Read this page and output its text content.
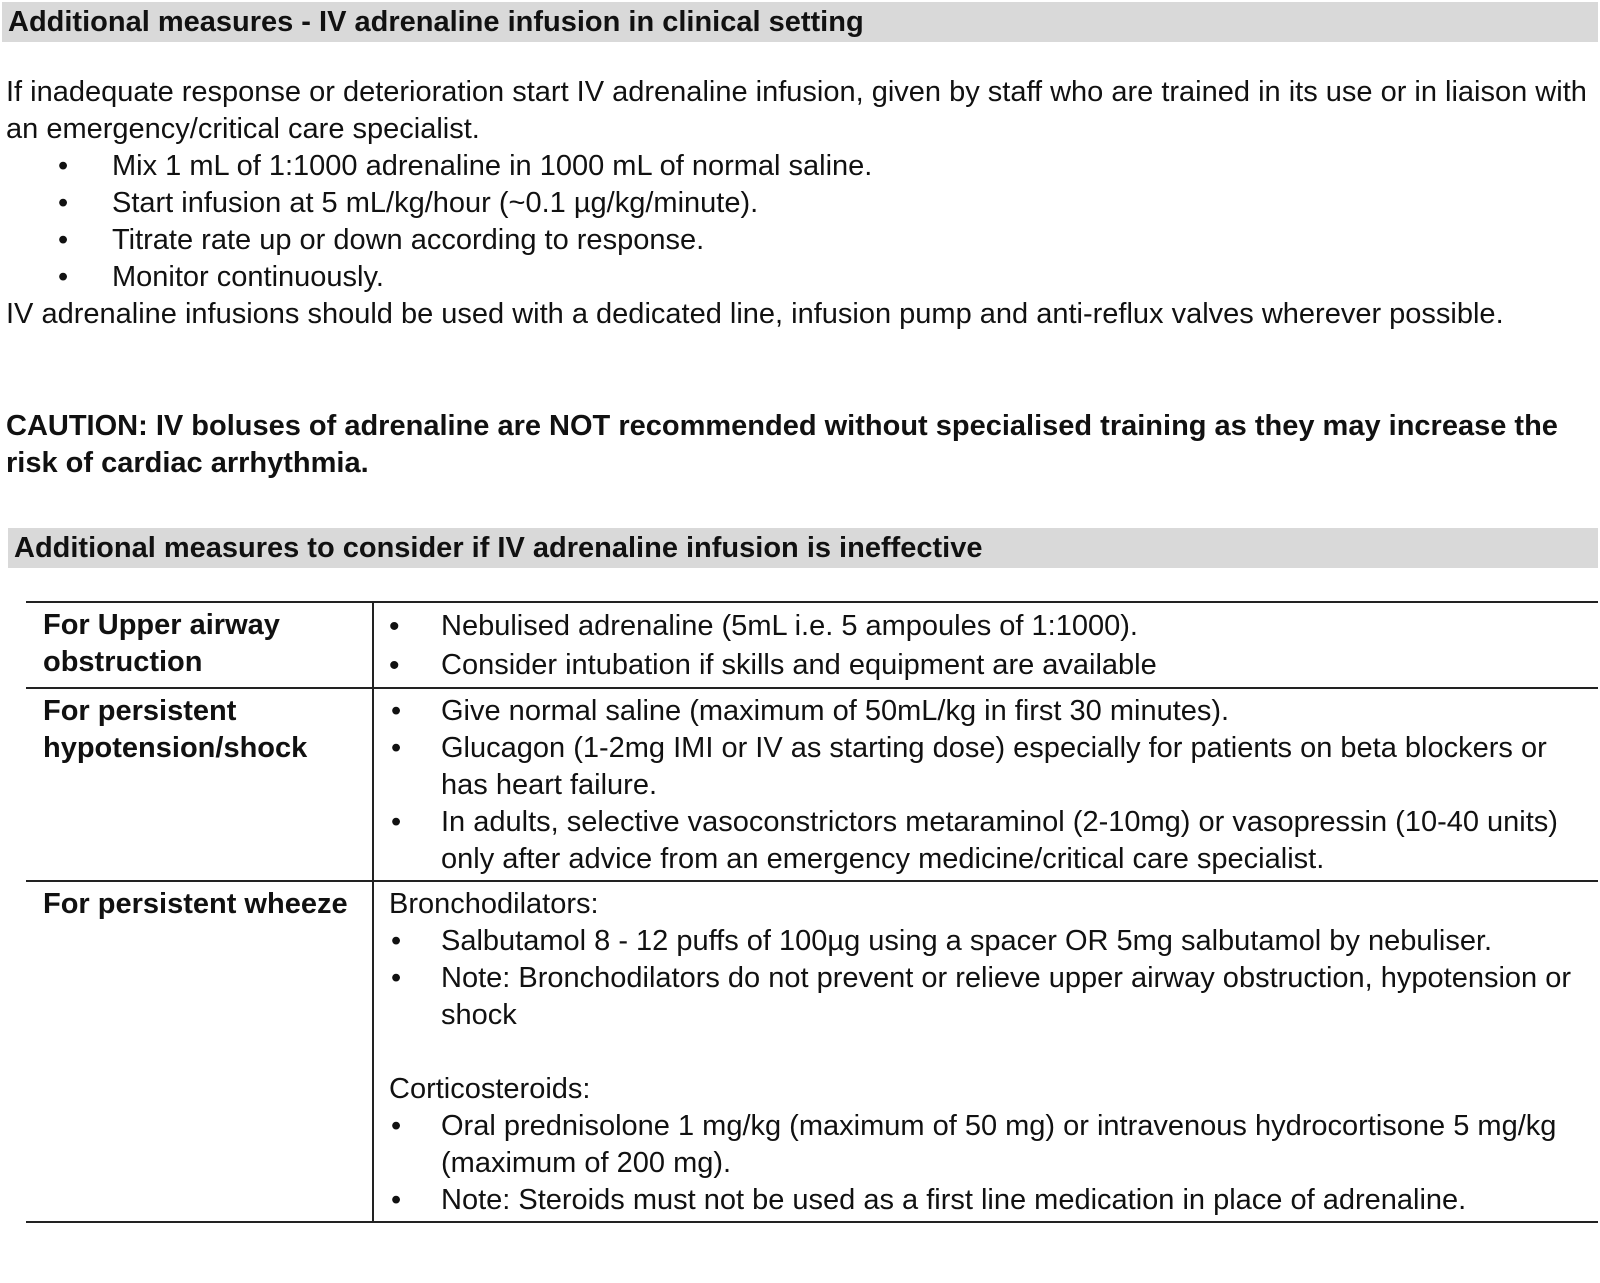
Additional measures - IV adrenaline infusion in clinical setting

If inadequate response or deterioration start IV adrenaline infusion, given by staff who are trained in its use or in liaison with an emergency/critical care specialist.

• Mix 1 mL of 1:1000 adrenaline in 1000 mL of normal saline.
• Start infusion at 5 mL/kg/hour (~0.1 µg/kg/minute).
• Titrate rate up or down according to response.
• Monitor continuously.

IV adrenaline infusions should be used with a dedicated line, infusion pump and anti-reflux valves wherever possible.

CAUTION: IV boluses of adrenaline are NOT recommended without specialised training as they may increase the risk of cardiac arrhythmia.

Additional measures to consider if IV adrenaline infusion is ineffective
For Upper airway obstruction
• Nebulised adrenaline (5mL i.e. 5 ampoules of 1:1000).
• Consider intubation if skills and equipment are available
For persistent hypotension/shock
• Give normal saline (maximum of 50mL/kg in first 30 minutes).
• Glucagon (1-2mg IMI or IV as starting dose) especially for patients on beta blockers or has heart failure.
• In adults, selective vasoconstrictors metaraminol (2-10mg) or vasopressin (10-40 units) only after advice from an emergency medicine/critical care specialist.
For persistent wheeze	Bronchodilators:

• Salbutamol 8 - 12 puffs of 100µg using a spacer OR 5mg salbutamol by nebuliser.
• Note: Bronchodilators do not prevent or relieve upper airway obstruction, hypotension or shock

Corticosteroids:

• Oral prednisolone 1 mg/kg (maximum of 50 mg) or intravenous hydrocortisone 5 mg/kg (maximum of 200 mg).
• Note: Steroids must not be used as a first line medication in place of adrenaline.
